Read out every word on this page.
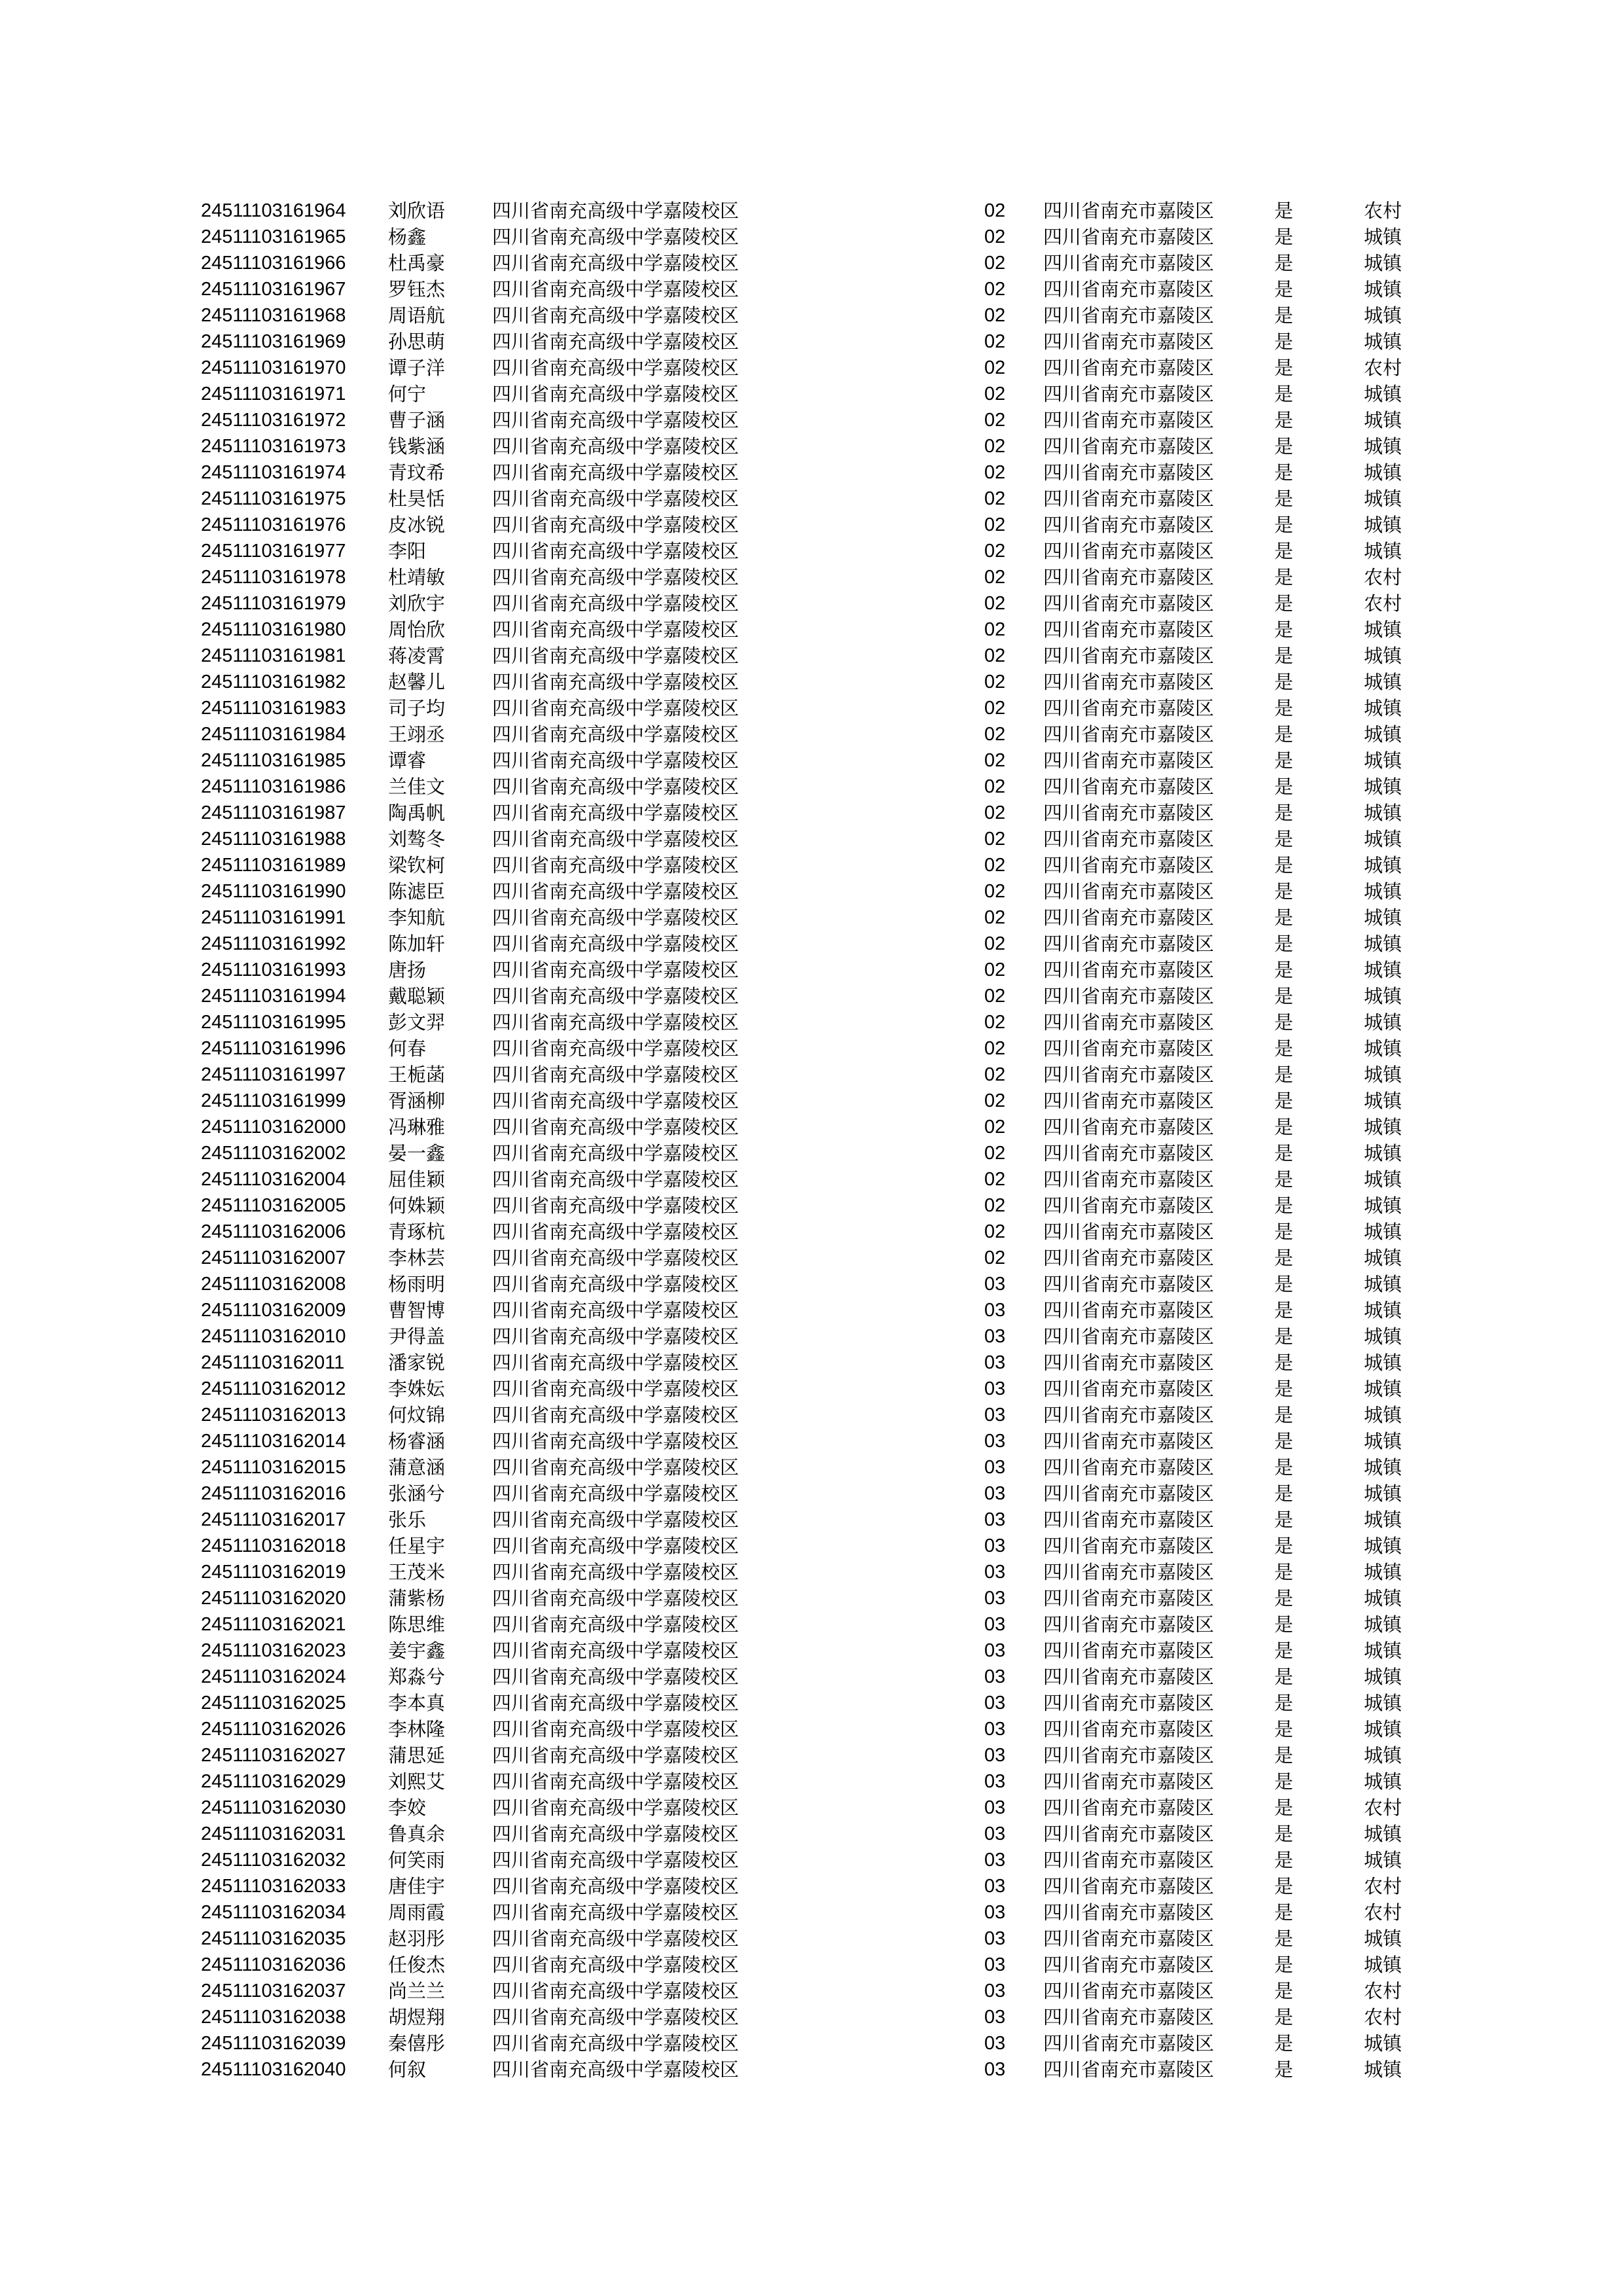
24511103161964 刘欣语 四川省南充高级中学嘉陵校区	02 四川省南充市嘉陵区	是	农村
24511103161965 杨鑫	四川省南充高级中学嘉陵校区	02 四川省南充市嘉陵区	是	城镇
24511103161966 杜禹豪 四川省南充高级中学嘉陵校区	02 四川省南充市嘉陵区	是	城镇
24511103161967 罗钰杰 四川省南充高级中学嘉陵校区	02 四川省南充市嘉陵区	是	城镇
24511103161968 周语航 四川省南充高级中学嘉陵校区	02 四川省南充市嘉陵区	是	城镇
24511103161969 孙思萌 四川省南充高级中学嘉陵校区	02 四川省南充市嘉陵区	是	城镇
24511103161970 谭子洋 四川省南充高级中学嘉陵校区	02 四川省南充市嘉陵区	是	农村
24511103161971 何宁	四川省南充高级中学嘉陵校区	02 四川省南充市嘉陵区	是	城镇
24511103161972 曹子涵 四川省南充高级中学嘉陵校区	02 四川省南充市嘉陵区	是	城镇
24511103161973 钱紫涵 四川省南充高级中学嘉陵校区	02 四川省南充市嘉陵区	是	城镇
24511103161974 青玟希 四川省南充高级中学嘉陵校区	02 四川省南充市嘉陵区	是	城镇
24511103161975 杜昊恬 四川省南充高级中学嘉陵校区	02 四川省南充市嘉陵区	是	城镇
24511103161976 皮冰锐 四川省南充高级中学嘉陵校区	02 四川省南充市嘉陵区	是	城镇
24511103161977 李阳	四川省南充高级中学嘉陵校区	02 四川省南充市嘉陵区	是	城镇
24511103161978 杜靖敏 四川省南充高级中学嘉陵校区	02 四川省南充市嘉陵区	是	农村
24511103161979 刘欣宇 四川省南充高级中学嘉陵校区	02 四川省南充市嘉陵区	是	农村
24511103161980 周怡欣 四川省南充高级中学嘉陵校区	02 四川省南充市嘉陵区	是	城镇
24511103161981 蒋凌霄 四川省南充高级中学嘉陵校区	02 四川省南充市嘉陵区	是	城镇
24511103161982 赵馨儿 四川省南充高级中学嘉陵校区	02 四川省南充市嘉陵区	是	城镇
24511103161983 司子均 四川省南充高级中学嘉陵校区	02 四川省南充市嘉陵区	是	城镇
24511103161984 王翊丞 四川省南充高级中学嘉陵校区	02 四川省南充市嘉陵区	是	城镇
24511103161985 谭睿	四川省南充高级中学嘉陵校区	02 四川省南充市嘉陵区	是	城镇
24511103161986 兰佳文 四川省南充高级中学嘉陵校区	02 四川省南充市嘉陵区	是	城镇
24511103161987 陶禹帆 四川省南充高级中学嘉陵校区	02 四川省南充市嘉陵区	是	城镇
24511103161988 刘骜冬 四川省南充高级中学嘉陵校区	02 四川省南充市嘉陵区	是	城镇
24511103161989 梁钦柯 四川省南充高级中学嘉陵校区	02 四川省南充市嘉陵区	是	城镇
24511103161990 陈滤臣 四川省南充高级中学嘉陵校区	02 四川省南充市嘉陵区	是	城镇
24511103161991 李知航 四川省南充高级中学嘉陵校区	02 四川省南充市嘉陵区	是	城镇
24511103161992 陈加轩 四川省南充高级中学嘉陵校区	02 四川省南充市嘉陵区	是	城镇
24511103161993 唐扬	四川省南充高级中学嘉陵校区	02 四川省南充市嘉陵区	是	城镇
24511103161994 戴聪颖 四川省南充高级中学嘉陵校区	02 四川省南充市嘉陵区	是	城镇
24511103161995 彭文羿 四川省南充高级中学嘉陵校区	02 四川省南充市嘉陵区	是	城镇
24511103161996 何春	四川省南充高级中学嘉陵校区	02 四川省南充市嘉陵区	是	城镇
24511103161997 王栀菡 四川省南充高级中学嘉陵校区	02 四川省南充市嘉陵区	是	城镇
24511103161999 胥涵柳 四川省南充高级中学嘉陵校区	02 四川省南充市嘉陵区	是	城镇
24511103162000 冯琳雅 四川省南充高级中学嘉陵校区	02 四川省南充市嘉陵区	是	城镇
24511103162002 晏一鑫 四川省南充高级中学嘉陵校区	02 四川省南充市嘉陵区	是	城镇
24511103162004 屈佳颖 四川省南充高级中学嘉陵校区	02 四川省南充市嘉陵区	是	城镇
24511103162005 何姝颖 四川省南充高级中学嘉陵校区	02 四川省南充市嘉陵区	是	城镇
24511103162006 青琢杭 四川省南充高级中学嘉陵校区	02 四川省南充市嘉陵区	是	城镇
24511103162007 李林芸 四川省南充高级中学嘉陵校区	02 四川省南充市嘉陵区	是	城镇
24511103162008 杨雨明 四川省南充高级中学嘉陵校区	03 四川省南充市嘉陵区	是	城镇
24511103162009 曹智博 四川省南充高级中学嘉陵校区	03 四川省南充市嘉陵区	是	城镇
24511103162010 尹得盖 四川省南充高级中学嘉陵校区	03 四川省南充市嘉陵区	是	城镇
24511103162011 潘家锐 四川省南充高级中学嘉陵校区	03 四川省南充市嘉陵区	是	城镇
24511103162012 李姝妘 四川省南充高级中学嘉陵校区	03 四川省南充市嘉陵区	是	城镇
24511103162013 何炆锦 四川省南充高级中学嘉陵校区	03 四川省南充市嘉陵区	是	城镇
24511103162014 杨睿涵 四川省南充高级中学嘉陵校区	03 四川省南充市嘉陵区	是	城镇
24511103162015 蒲意涵 四川省南充高级中学嘉陵校区	03 四川省南充市嘉陵区	是	城镇
24511103162016 张涵兮 四川省南充高级中学嘉陵校区	03 四川省南充市嘉陵区	是	城镇
24511103162017 张乐	四川省南充高级中学嘉陵校区	03 四川省南充市嘉陵区	是	城镇
24511103162018 任星宇 四川省南充高级中学嘉陵校区	03 四川省南充市嘉陵区	是	城镇
24511103162019 王茂米 四川省南充高级中学嘉陵校区	03 四川省南充市嘉陵区	是	城镇
24511103162020 蒲紫杨 四川省南充高级中学嘉陵校区	03 四川省南充市嘉陵区	是	城镇
24511103162021 陈思维 四川省南充高级中学嘉陵校区	03 四川省南充市嘉陵区	是	城镇
24511103162023 姜宇鑫 四川省南充高级中学嘉陵校区	03 四川省南充市嘉陵区	是	城镇
24511103162024 郑淼兮 四川省南充高级中学嘉陵校区	03 四川省南充市嘉陵区	是	城镇
24511103162025 李本真 四川省南充高级中学嘉陵校区	03 四川省南充市嘉陵区	是	城镇
24511103162026 李林隆 四川省南充高级中学嘉陵校区	03 四川省南充市嘉陵区	是	城镇
24511103162027 蒲思延 四川省南充高级中学嘉陵校区	03 四川省南充市嘉陵区	是	城镇
24511103162029 刘熙艾 四川省南充高级中学嘉陵校区	03 四川省南充市嘉陵区	是	城镇
24511103162030 李姣	四川省南充高级中学嘉陵校区	03 四川省南充市嘉陵区	是	农村
24511103162031 鲁真余 四川省南充高级中学嘉陵校区	03 四川省南充市嘉陵区	是	城镇
24511103162032 何笑雨 四川省南充高级中学嘉陵校区	03 四川省南充市嘉陵区	是	城镇
24511103162033 唐佳宇 四川省南充高级中学嘉陵校区	03 四川省南充市嘉陵区	是	农村
24511103162034 周雨霞 四川省南充高级中学嘉陵校区	03 四川省南充市嘉陵区	是	农村
24511103162035 赵羽彤 四川省南充高级中学嘉陵校区	03 四川省南充市嘉陵区	是	城镇
24511103162036 任俊杰 四川省南充高级中学嘉陵校区	03 四川省南充市嘉陵区	是	城镇
24511103162037 尚兰兰 四川省南充高级中学嘉陵校区	03 四川省南充市嘉陵区	是	农村
24511103162038 胡煜翔 四川省南充高级中学嘉陵校区	03 四川省南充市嘉陵区	是	农村
24511103162039 秦僖彤 四川省南充高级中学嘉陵校区	03 四川省南充市嘉陵区	是	城镇
24511103162040 何叙	四川省南充高级中学嘉陵校区	03 四川省南充市嘉陵区	是	城镇
